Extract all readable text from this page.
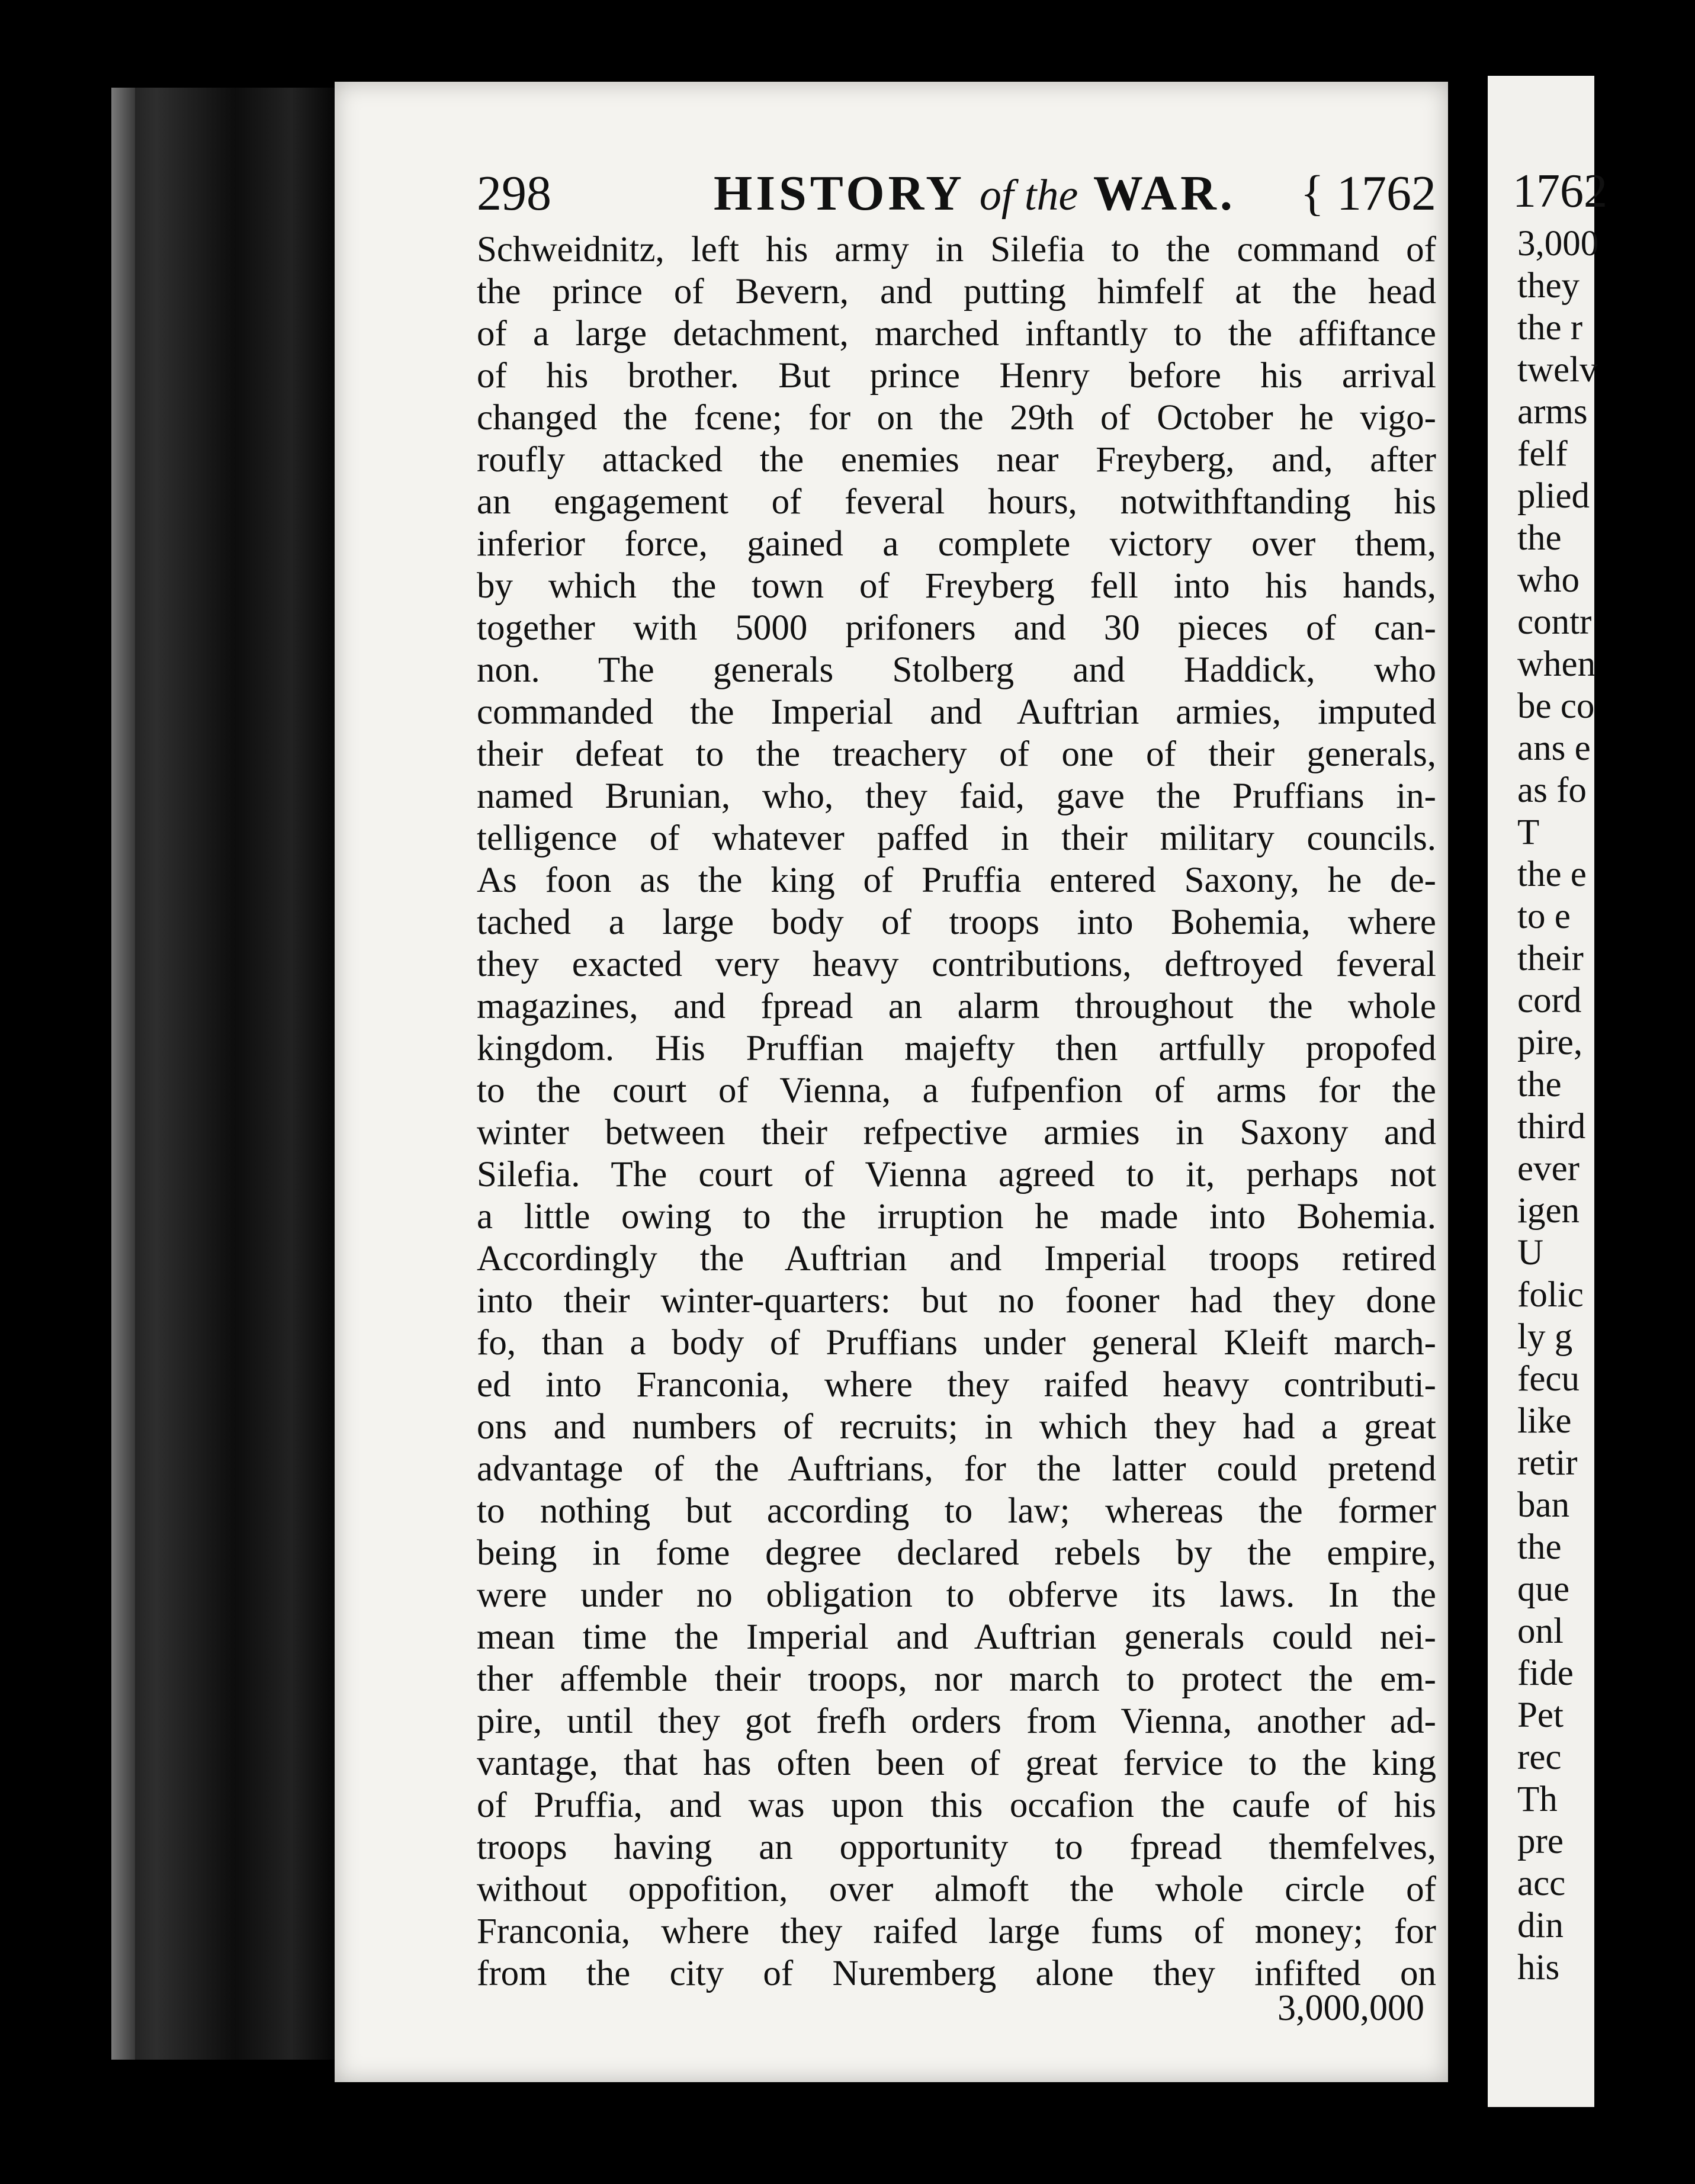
298	HISTORY of the WAR. { 1762
Schweidnitz, left his army in Silefia to the command of
the prince of Bevern, and putting himfelf at the head
of a large detachment, marched inftantly to the affiftance
of his brother. But prince Henry before his arrival
changed the fcene; for on the 29th of October he vigo-
roufly attacked the enemies near Freyberg, and, after
an engagement of feveral hours, notwithftanding his
inferior force, gained a complete victory over them,
by which the town of Freyberg fell into his hands,
together with 5000 prifoners and 30 pieces of can-
non. The generals Stolberg and Haddick, who
commanded the Imperial and Auftrian armies, imputed
their defeat to the treachery of one of their generals,
named Brunian, who, they faid, gave the Pruffians in-
telligence of whatever paffed in their military councils.
As foon as the king of Pruffia entered Saxony, he de-
tached a large body of troops into Bohemia, where
they exacted very heavy contributions, deftroyed feveral
magazines, and fpread an alarm throughout the whole
kingdom. His Pruffian majefty then artfully propofed
to the court of Vienna, a fufpenfion of arms for the
winter between their refpective armies in Saxony and
Silefia. The court of Vienna agreed to it, perhaps not
a little owing to the irruption he made into Bohemia.
Accordingly the Auftrian and Imperial troops retired
into their winter-quarters: but no fooner had they done
fo, than a body of Pruffians under general Kleift march-
ed into Franconia, where they raifed heavy contributi-
ons and numbers of recruits; in which they had a great
advantage of the Auftrians, for the latter could pretend
to nothing but according to law; whereas the former
being in fome degree declared rebels by the empire,
were under no obligation to obferve its laws. In the
mean time the Imperial and Auftrian generals could nei-
ther affemble their troops, nor march to protect the em-
pire, until they got frefh orders from Vienna, another ad-
vantage, that has often been of great fervice to the king
of Pruffia, and was upon this occafion the caufe of his
troops having an opportunity to fpread themfelves,
without oppofition, over almoft the whole circle of
Franconia, where they raifed large fums of money; for
from the city of Nuremberg alone they infifted on
3,000,000
1762
3,000
they
the r
twelv
arms
felf
plied
the
who
contr
when
be co
ans e
as fo
T
the e
to e
their
cord
pire,
the
third
ever
igen
U
folic
ly g
fecu
like
retir
ban
the
que
onl
fide
Pet
rec
Th
pre
acc
din
his
